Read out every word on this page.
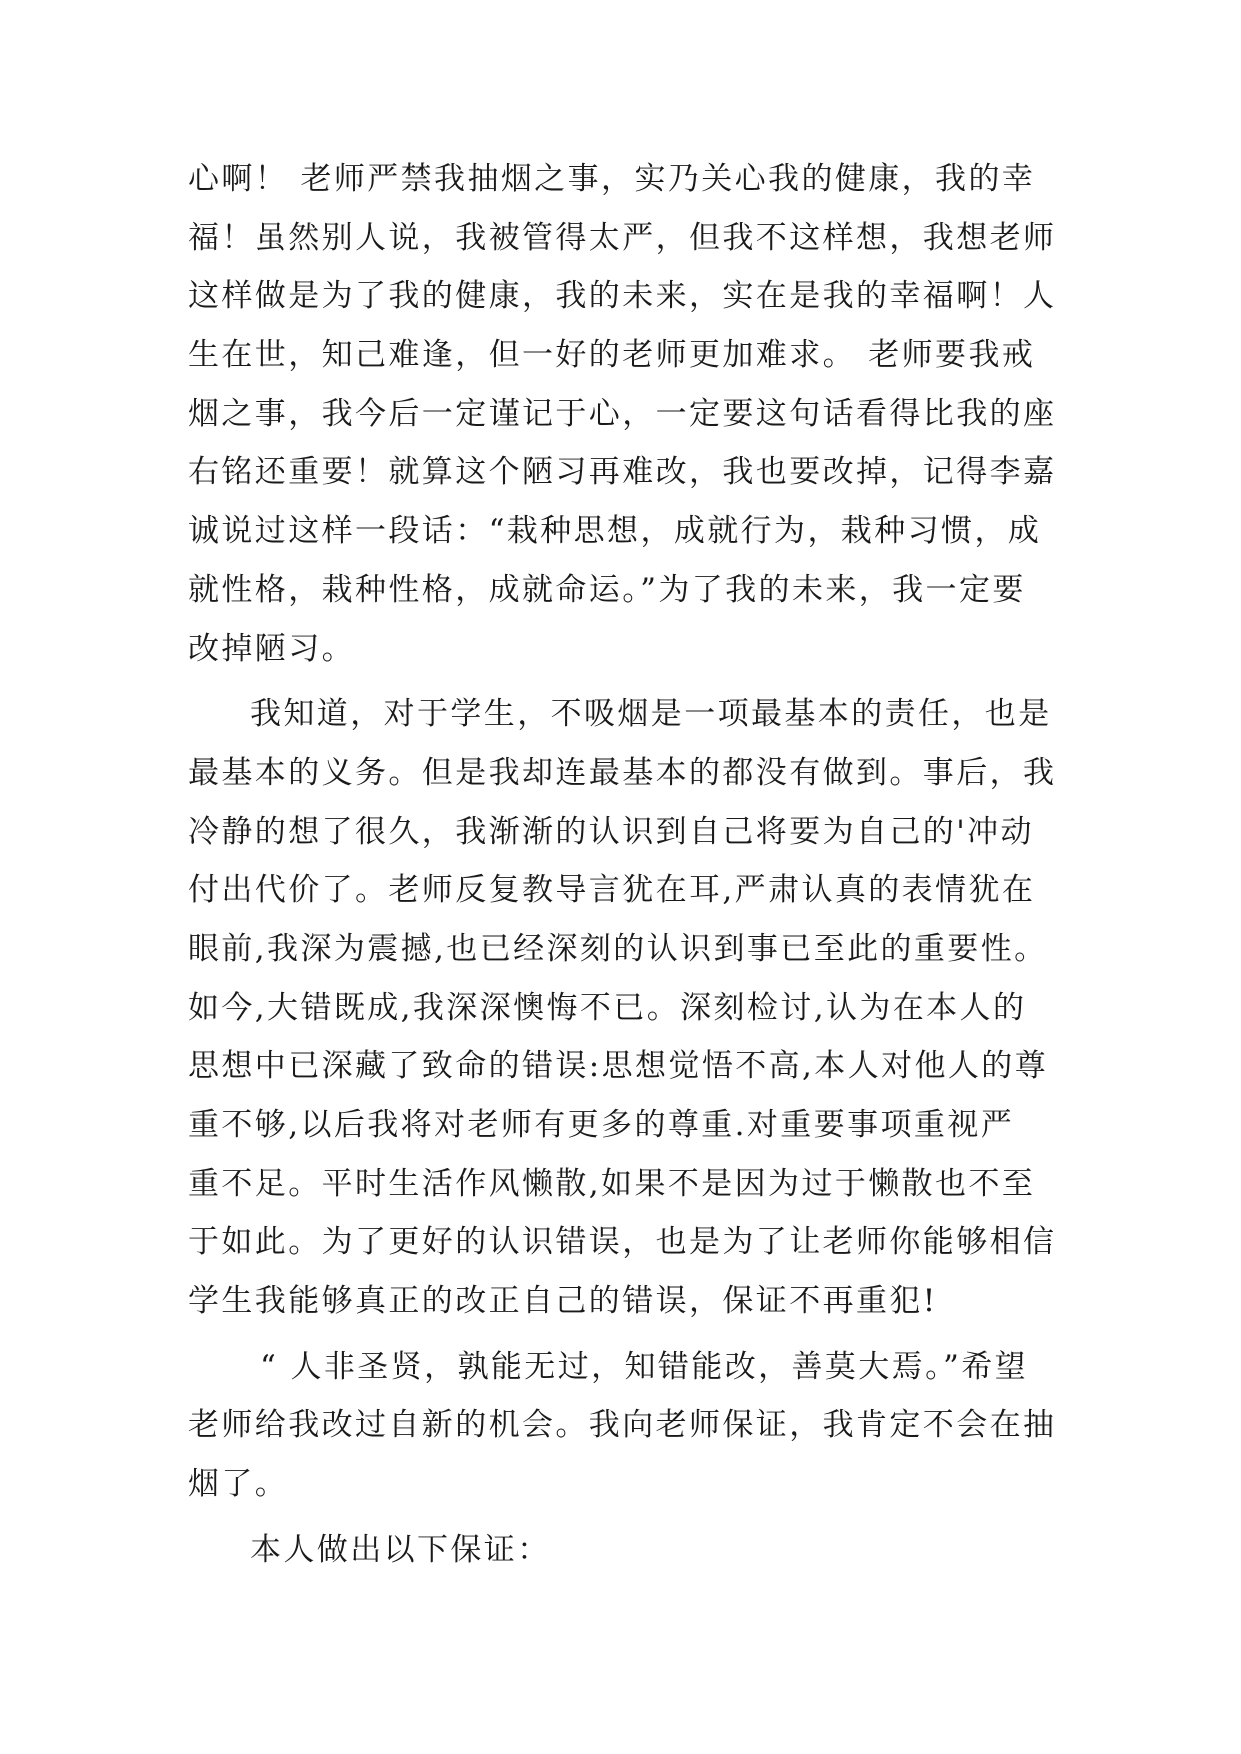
心啊！ 老师严禁我抽烟之事，实乃关心我的健康，我的幸
福！虽然别人说，我被管得太严，但我不这样想，我想老师
这样做是为了我的健康，我的未来，实在是我的幸福啊！人
生在世，知己难逢，但一好的老师更加难求。 老师要我戒
烟之事，我今后一定谨记于心，一定要这句话看得比我的座
右铭还重要！就算这个陋习再难改，我也要改掉，记得李嘉
诚说过这样一段话：“栽种思想，成就行为，栽种习惯，成
就性格，栽种性格，成就命运。”为了我的未来，我一定要
改掉陋习。
我知道，对于学生，不吸烟是一项最基本的责任，也是
最基本的义务。但是我却连最基本的都没有做到。事后，我
冷静的想了很久，我渐渐的认识到自己将要为自己的'冲动
付出代价了。老师反复教导言犹在耳,严肃认真的表情犹在
眼前,我深为震撼,也已经深刻的认识到事已至此的重要性。
如今,大错既成,我深深懊悔不已。深刻检讨,认为在本人的
思想中已深藏了致命的错误:思想觉悟不高,本人对他人的尊
重不够,以后我将对老师有更多的尊重.对重要事项重视严
重不足。平时生活作风懒散,如果不是因为过于懒散也不至
于如此。为了更好的认识错误，也是为了让老师你能够相信
学生我能够真正的改正自己的错误，保证不再重犯!
“ 人非圣贤，孰能无过，知错能改，善莫大焉。”希望
老师给我改过自新的机会。我向老师保证，我肯定不会在抽
烟了。
本人做出以下保证：
